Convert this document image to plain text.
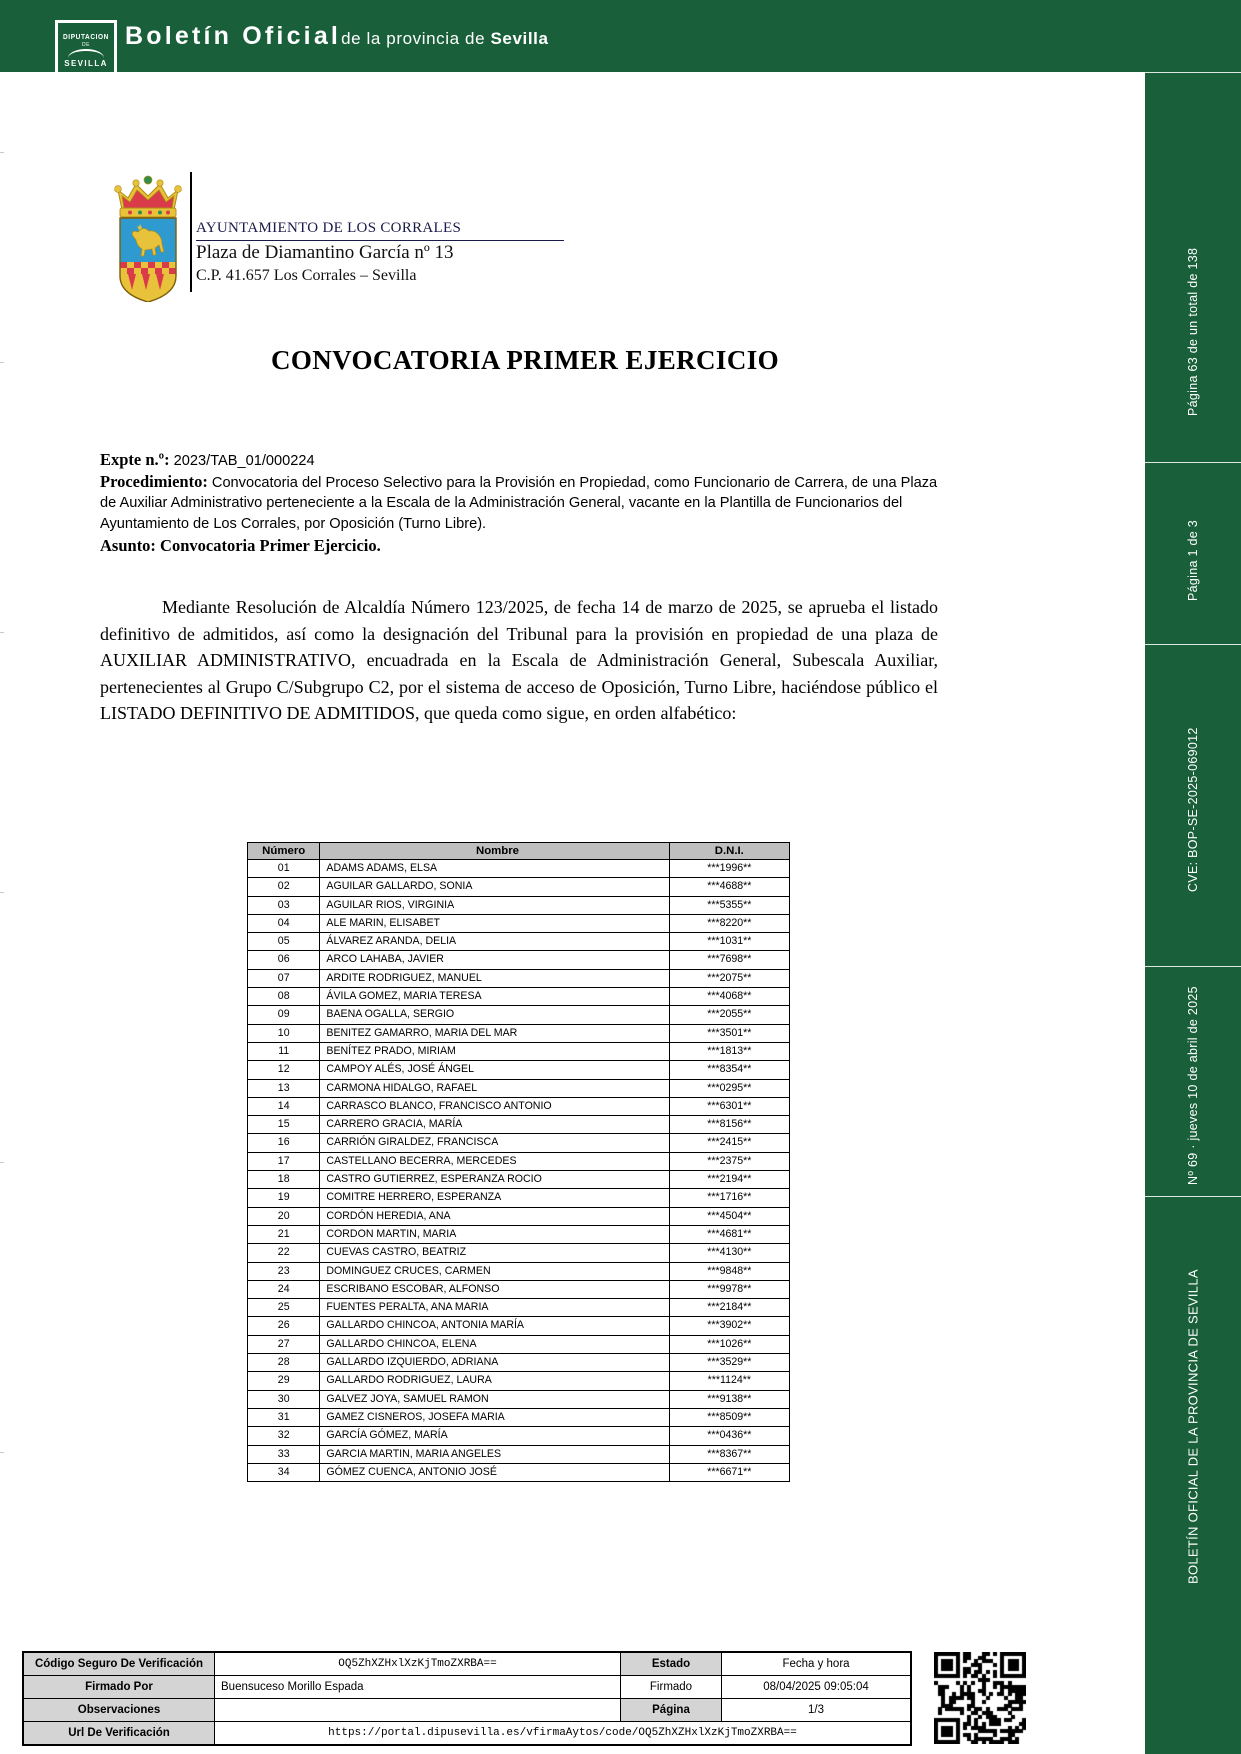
DIPUTACION
DE
SEVILLA
Boletín Oficialde la provincia de Sevilla
Página 63 de un total de 138
Página 1 de 3
CVE: BOP-SE-2025-069012
Nº 69 · jueves 10 de abril de 2025
BOLETÍN OFICIAL DE LA PROVINCIA DE SEVILLA
AYUNTAMIENTO DE LOS CORRALES
Plaza de Diamantino García nº 13
C.P. 41.657 Los Corrales – Sevilla
CONVOCATORIA PRIMER EJERCICIO
Expte n.º: 2023/TAB_01/000224
Procedimiento: Convocatoria del Proceso Selectivo para la Provisión en Propiedad, como Funcionario de Carrera, de una Plaza de Auxiliar Administrativo perteneciente a la Escala de la Administración General, vacante en la Plantilla de Funcionarios del Ayuntamiento de Los Corrales, por Oposición (Turno Libre).
Asunto: Convocatoria Primer Ejercicio.
Mediante Resolución de Alcaldía Número 123/2025, de fecha 14 de marzo de 2025, se aprueba el listado definitivo de admitidos, así como la designación del Tribunal para la provisión en propiedad de una plaza de AUXILIAR ADMINISTRATIVO, encuadrada en la Escala de Administración General, Subescala Auxiliar, pertenecientes al Grupo C/Subgrupo C2, por el sistema de acceso de Oposición, Turno Libre, haciéndose público el LISTADO DEFINITIVO DE ADMITIDOS, que queda como sigue, en orden alfabético:
Número	Nombre	D.N.I.
01	ADAMS ADAMS, ELSA	***1996**
02	AGUILAR GALLARDO, SONIA	***4688**
03	AGUILAR RIOS, VIRGINIA	***5355**
04	ALE MARIN, ELISABET	***8220**
05	ÁLVAREZ ARANDA, DELIA	***1031**
06	ARCO LAHABA, JAVIER	***7698**
07	ARDITE RODRIGUEZ, MANUEL	***2075**
08	ÁVILA GOMEZ, MARIA TERESA	***4068**
09	BAENA OGALLA, SERGIO	***2055**
10	BENITEZ GAMARRO, MARIA DEL MAR	***3501**
11	BENÍTEZ PRADO, MIRIAM	***1813**
12	CAMPOY ALÉS, JOSÉ ÁNGEL	***8354**
13	CARMONA HIDALGO, RAFAEL	***0295**
14	CARRASCO BLANCO, FRANCISCO ANTONIO	***6301**
15	CARRERO GRACIA, MARÍA	***8156**
16	CARRIÓN GIRALDEZ, FRANCISCA	***2415**
17	CASTELLANO BECERRA, MERCEDES	***2375**
18	CASTRO GUTIERREZ, ESPERANZA ROCIO	***2194**
19	COMITRE HERRERO, ESPERANZA	***1716**
20	CORDÓN HEREDIA, ANA	***4504**
21	CORDON MARTIN, MARIA	***4681**
22	CUEVAS CASTRO, BEATRIZ	***4130**
23	DOMINGUEZ CRUCES, CARMEN	***9848**
24	ESCRIBANO ESCOBAR, ALFONSO	***9978**
25	FUENTES PERALTA, ANA MARIA	***2184**
26	GALLARDO CHINCOA, ANTONIA MARÍA	***3902**
27	GALLARDO CHINCOA, ELENA	***1026**
28	GALLARDO IZQUIERDO, ADRIANA	***3529**
29	GALLARDO RODRIGUEZ, LAURA	***1124**
30	GALVEZ JOYA, SAMUEL RAMON	***9138**
31	GAMEZ CISNEROS, JOSEFA MARIA	***8509**
32	GARCÍA GÓMEZ, MARÍA	***0436**
33	GARCIA MARTIN, MARIA ANGELES	***8367**
34	GÓMEZ CUENCA, ANTONIO JOSÉ	***6671**
Código Seguro De Verificación	OQ5ZhXZHxlXzKjTmoZXRBA==	Estado	Fecha y hora
Firmado Por	Buensuceso Morillo Espada	Firmado	08/04/2025 09:05:04
Observaciones		Página	1/3
Url De Verificación	https://portal.dipusevilla.es/vfirmaAytos/code/OQ5ZhXZHxlXzKjTmoZXRBA==		
